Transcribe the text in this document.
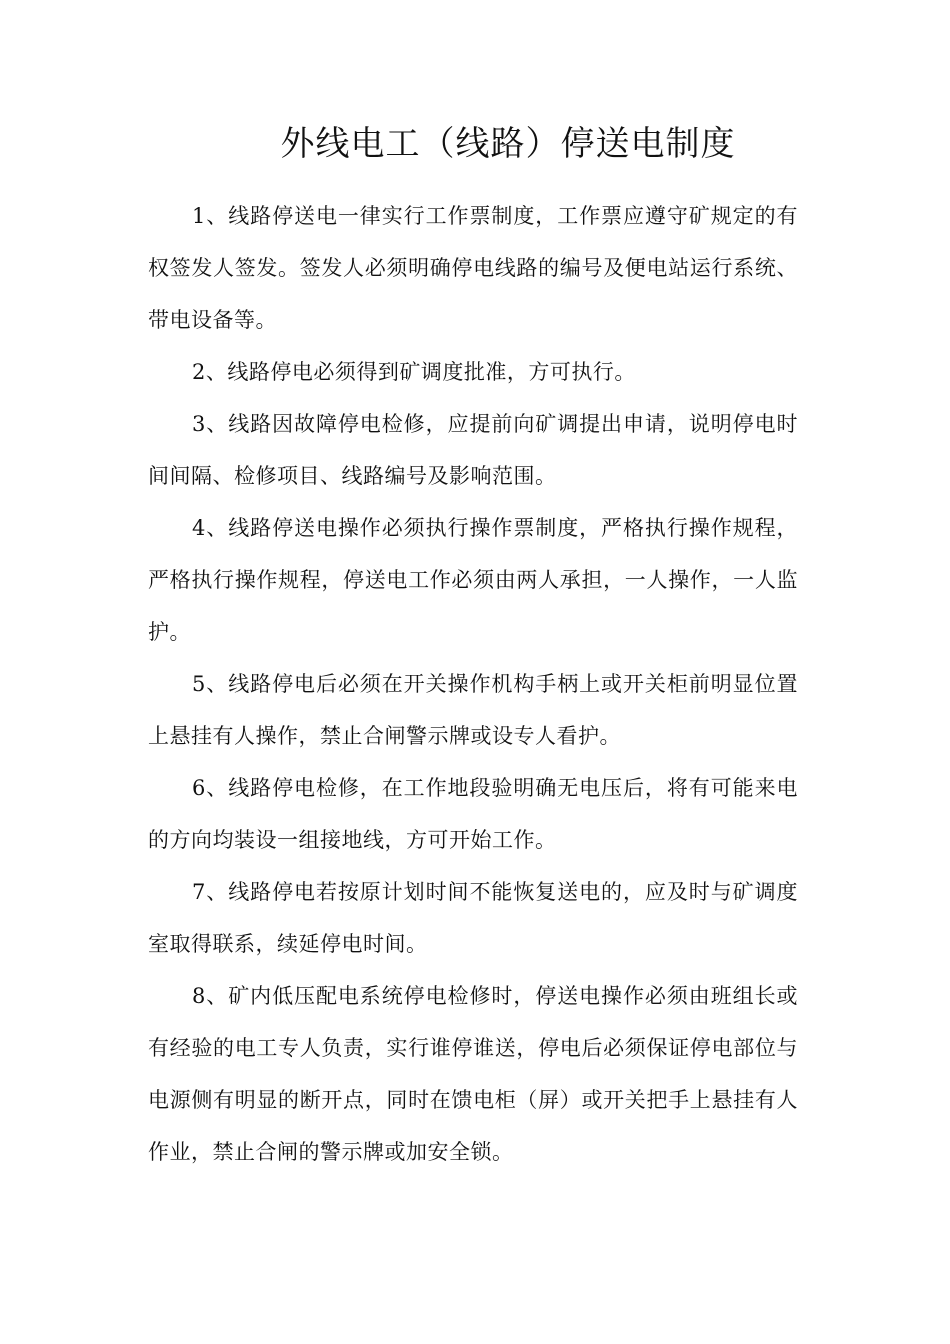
外线电工（线路）停送电制度

1、线路停送电一律实行工作票制度，工作票应遵守矿规定的有权签发人签发。签发人必须明确停电线路的编号及便电站运行系统、带电设备等。

2、线路停电必须得到矿调度批准，方可执行。

3、线路因故障停电检修，应提前向矿调提出申请，说明停电时间间隔、检修项目、线路编号及影响范围。

4、线路停送电操作必须执行操作票制度，严格执行操作规程，严格执行操作规程，停送电工作必须由两人承担，一人操作，一人监护。

5、线路停电后必须在开关操作机构手柄上或开关柜前明显位置上悬挂有人操作，禁止合闸警示牌或设专人看护。

6、线路停电检修，在工作地段验明确无电压后，将有可能来电的方向均装设一组接地线，方可开始工作。

7、线路停电若按原计划时间不能恢复送电的，应及时与矿调度室取得联系，续延停电时间。

8、矿内低压配电系统停电检修时，停送电操作必须由班组长或有经验的电工专人负责，实行谁停谁送，停电后必须保证停电部位与电源侧有明显的断开点，同时在馈电柜（屏）或开关把手上悬挂有人作业，禁止合闸的警示牌或加安全锁。
